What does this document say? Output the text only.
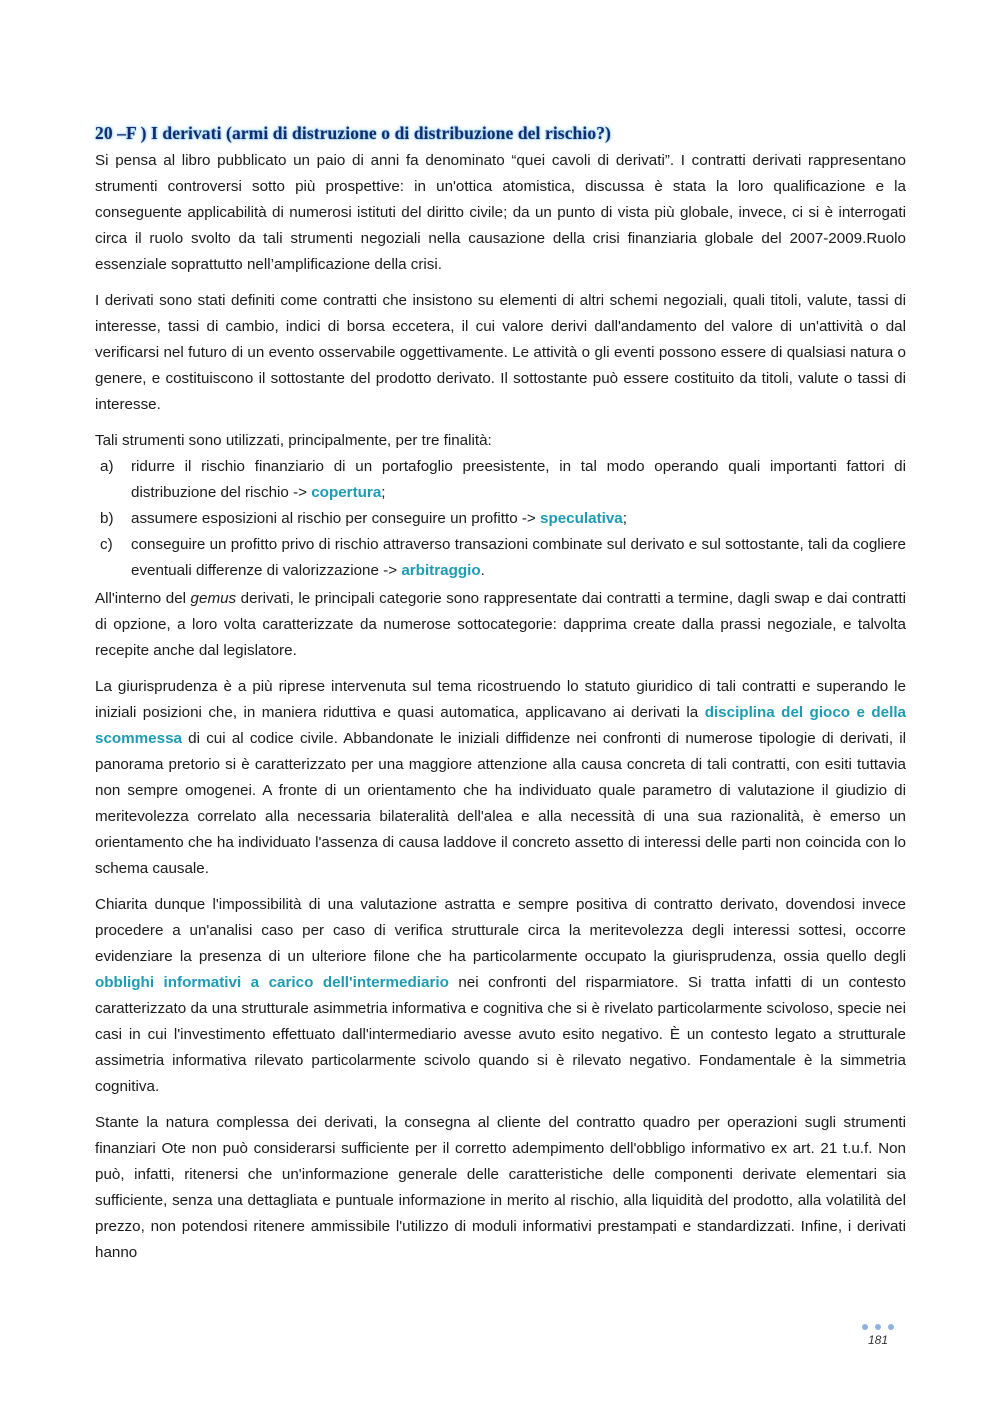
20 –F ) I derivati (armi di distruzione o di distribuzione del rischio?)

Si pensa al libro pubblicato un paio di anni fa denominato “quei cavoli di derivati”. I contratti derivati rappresentano strumenti controversi sotto più prospettive: in un'ottica atomistica, discussa è stata la loro qualificazione e la conseguente applicabilità di numerosi istituti del diritto civile; da un punto di vista più globale, invece, ci si è interrogati circa il ruolo svolto da tali strumenti negoziali nella causazione della crisi finanziaria globale del 2007-2009.Ruolo essenziale soprattutto nell’amplificazione della crisi.

I derivati sono stati definiti come contratti che insistono su elementi di altri schemi negoziali, quali titoli, valute, tassi di interesse, tassi di cambio, indici di borsa eccetera, il cui valore derivi dall'andamento del valore di un'attività o dal verificarsi nel futuro di un evento osservabile oggettivamente. Le attività o gli eventi possono essere di qualsiasi natura o genere, e costituiscono il sottostante del prodotto derivato. Il sottostante può essere costituito da titoli, valute o tassi di interesse.

Tali strumenti sono utilizzati, principalmente, per tre finalità:

a) ridurre il rischio finanziario di un portafoglio preesistente, in tal modo operando quali importanti fattori di distribuzione del rischio -> copertura;
b) assumere esposizioni al rischio per conseguire un profitto -> speculativa;
c) conseguire un profitto privo di rischio attraverso transazioni combinate sul derivato e sul sottostante, tali da cogliere eventuali differenze di valorizzazione -> arbitraggio.

All'interno del gemus derivati, le principali categorie sono rappresentate dai contratti a termine, dagli swap e dai contratti di opzione, a loro volta caratterizzate da numerose sottocategorie: dapprima create dalla prassi negoziale, e talvolta recepite anche dal legislatore.

La giurisprudenza è a più riprese intervenuta sul tema ricostruendo lo statuto giuridico di tali contratti e superando le iniziali posizioni che, in maniera riduttiva e quasi automatica, applicavano ai derivati la disciplina del gioco e della scommessa di cui al codice civile. Abbandonate le iniziali diffidenze nei confronti di numerose tipologie di derivati, il panorama pretorio si è caratterizzato per una maggiore attenzione alla causa concreta di tali contratti, con esiti tuttavia non sempre omogenei. A fronte di un orientamento che ha individuato quale parametro di valutazione il giudizio di meritevolezza correlato alla necessaria bilateralità dell'alea e alla necessità di una sua razionalità, è emerso un orientamento che ha individuato l'assenza di causa laddove il concreto assetto di interessi delle parti non coincida con lo schema causale.

Chiarita dunque l'impossibilità di una valutazione astratta e sempre positiva di contratto derivato, dovendosi invece procedere a un'analisi caso per caso di verifica strutturale circa la meritevolezza degli interessi sottesi, occorre evidenziare la presenza di un ulteriore filone che ha particolarmente occupato la giurisprudenza, ossia quello degli obblighi informativi a carico dell'intermediario nei confronti del risparmiatore. Si tratta infatti di un contesto caratterizzato da una strutturale asimmetria informativa e cognitiva che si è rivelato particolarmente scivoloso, specie nei casi in cui l'investimento effettuato dall'intermediario avesse avuto esito negativo. È un contesto legato a strutturale assimetria informativa rilevato particolarmente scivolo quando si è rilevato negativo. Fondamentale è la simmetria cognitiva.

Stante la natura complessa dei derivati, la consegna al cliente del contratto quadro per operazioni sugli strumenti finanziari Ote non può considerarsi sufficiente per il corretto adempimento dell'obbligo informativo ex art. 21 t.u.f. Non può, infatti, ritenersi che un'informazione generale delle caratteristiche delle componenti derivate elementari sia sufficiente, senza una dettagliata e puntuale informazione in merito al rischio, alla liquidità del prodotto, alla volatilità del prezzo, non potendosi ritenere ammissibile l'utilizzo di moduli informativi prestampati e standardizzati. Infine, i derivati hanno

181
